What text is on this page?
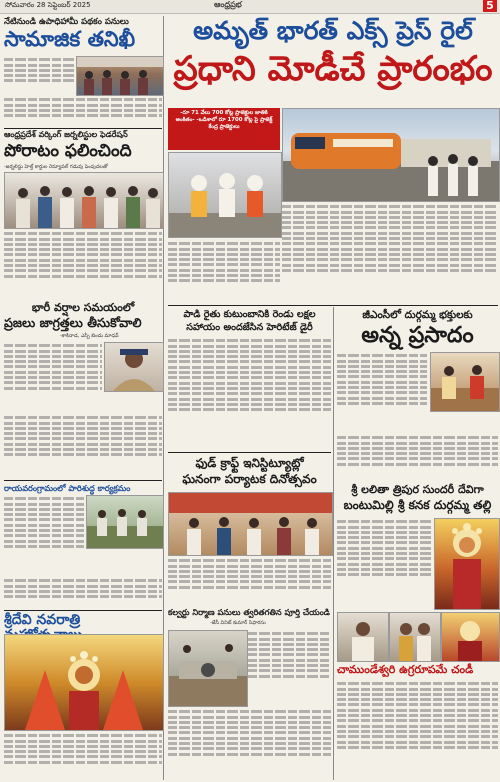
సోమవారం 28 సెప్టెంబర్ 2025	ఆంధ్రప్రభ	5
నేటినుండి ఉపాధిహామీ పథకం పనులు
సామాజిక తనిఖీ
ఆంధ్రప్రదేశ్ వర్కింగ్ జర్నలిస్టుల ఫెడరేషన్
పోరాటం ఫలించింది
-జర్నలిస్టు హెల్త్ కార్డుల రెన్యూవల్ గడువు పెంపుదలతో
భారీ వర్షాల సమయంలో
ప్రజలు జాగ్రత్తలు తీసుకోవాలి
-కాకినాడ, ఎస్పీ బిందు మాధవ్
రాయవరంగ్రామంలో పారిశుద్ధ కార్యక్రమం
శ్రీదేవి నవరాత్రి
అమృత్ భారత్ ఎక్స్ ప్రెస్ రైల్
ప్రధాని మోడీచే ప్రారంభం
-రూ 71 వేలు 700 కోట్ల ప్రాజెక్టుల జాతికి అంకితం- -ఒడిశాలో రూ 1700 కోట్ల పై ప్రాజెక్ట్ కేంద్ర ప్రాజెక్టులు
పాడి రైతు కుటుంబానికి రెండు లక్షల
సహాయం అందజేసిన హెరిటేజ్ డైరీ
ఫుడ్ క్రాఫ్ట్ ఇనిస్టిట్యూట్లో
ఘనంగా పర్యాటక దినోత్సవం
కల్వర్టు నిర్మాణ పనులు త్వరితగతిన పూర్తి చేయండి
-జేసీ వినిట్ కుమార్ సిఫారసు
జీఎంసీలో దుర్గమ్మ భక్తులకు
అన్న ప్రసాదం
శ్రీ లలితా త్రిపుర సుందరీ దేవిగా
బంటుమిల్లి శ్రీ కనక దుర్గమ్మ తల్లి
చాముండేశ్వరి ఉగ్రరూపమే చండీ
